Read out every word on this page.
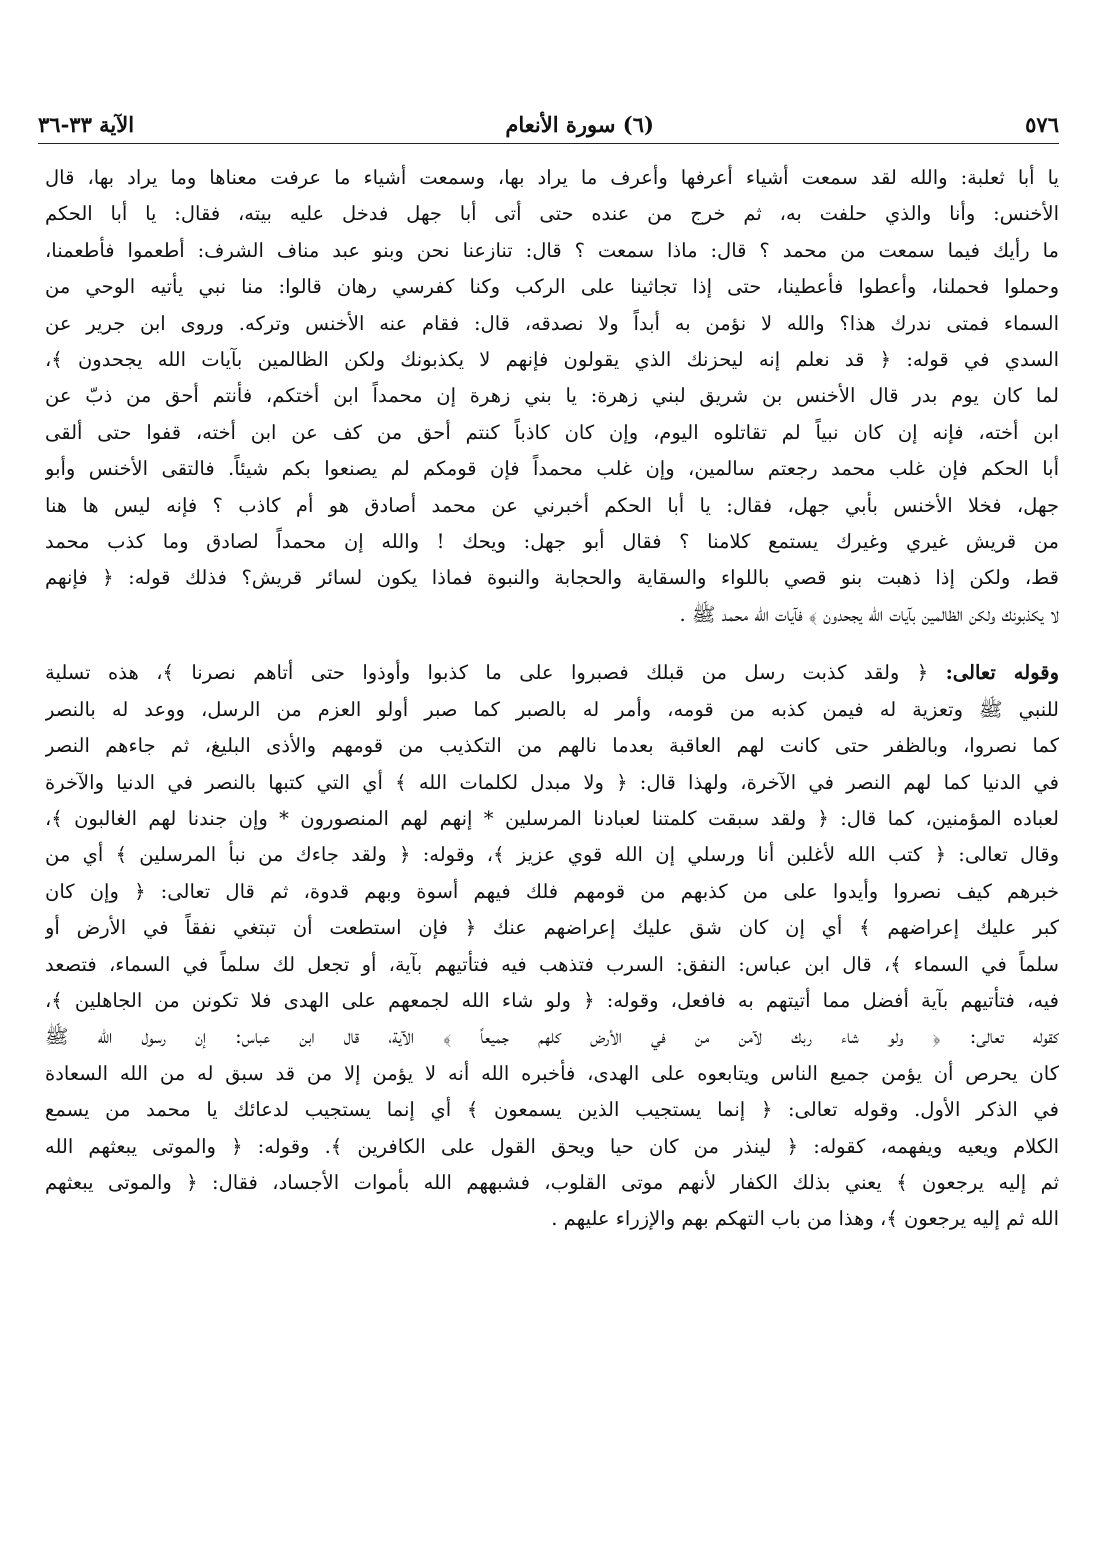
٥٧٦
(٦) سورة الأنعام
الآية ٣٣-٣٦
يا أبا ثعلبة: والله لقد سمعت أشياء أعرفها وأعرف ما يراد بها، وسمعت أشياء ما عرفت معناها وما يراد بها، قال
الأخنس: وأنا والذي حلفت به، ثم خرج من عنده حتى أتى أبا جهل فدخل عليه بيته، فقال: يا أبا الحكم
ما رأيك فيما سمعت من محمد ؟ قال: ماذا سمعت ؟ قال: تنازعنا نحن وبنو عبد مناف الشرف: أطعموا فأطعمنا،
وحملوا فحملنا، وأعطوا فأعطينا، حتى إذا تجاثينا على الركب وكنا كفرسي رهان قالوا: منا نبي يأتيه الوحي من
السماء فمتى ندرك هذا؟ والله لا نؤمن به أبداً ولا نصدقه، قال: فقام عنه الأخنس وتركه. وروى ابن جرير عن
السدي في قوله: ﴿ قد نعلم إنه ليحزنك الذي يقولون فإنهم لا يكذبونك ولكن الظالمين بآيات الله يجحدون ﴾،
لما كان يوم بدر قال الأخنس بن شريق لبني زهرة: يا بني زهرة إن محمداً ابن أختكم، فأنتم أحق من ذبّ عن
ابن أخته، فإنه إن كان نبياً لم تقاتلوه اليوم، وإن كان كاذباً كنتم أحق من كف عن ابن أخته، قفوا حتى ألقى
أبا الحكم فإن غلب محمد رجعتم سالمين، وإن غلب محمداً فإن قومكم لم يصنعوا بكم شيئاً. فالتقى الأخنس وأبو
جهل، فخلا الأخنس بأبي جهل، فقال: يا أبا الحكم أخبرني عن محمد أصادق هو أم كاذب ؟ فإنه ليس ها هنا
من قريش غيري وغيرك يستمع كلامنا ؟ فقال أبو جهل: ويحك ! والله إن محمداً لصادق وما كذب محمد
قط، ولكن إذا ذهبت بنو قصي باللواء والسقاية والحجابة والنبوة فماذا يكون لسائر قريش؟ فذلك قوله: ﴿ فإنهم
لا يكذبونك ولكن الظالمين بآيات الله يجحدون ﴾ فآيات الله محمد ﷺ .
وقوله تعالى: ﴿ ولقد كذبت رسل من قبلك فصبروا على ما كذبوا وأوذوا حتى أتاهم نصرنا ﴾، هذه تسلية
للنبي ﷺ وتعزية له فيمن كذبه من قومه، وأمر له بالصبر كما صبر أولو العزم من الرسل، ووعد له بالنصر
كما نصروا، وبالظفر حتى كانت لهم العاقبة بعدما نالهم من التكذيب من قومهم والأذى البليغ، ثم جاءهم النصر
في الدنيا كما لهم النصر في الآخرة، ولهذا قال: ﴿ ولا مبدل لكلمات الله ﴾ أي التي كتبها بالنصر في الدنيا والآخرة
لعباده المؤمنين، كما قال: ﴿ ولقد سبقت كلمتنا لعبادنا المرسلين * إنهم لهم المنصورون * وإن جندنا لهم الغالبون ﴾،
وقال تعالى: ﴿ كتب الله لأغلبن أنا ورسلي إن الله قوي عزيز ﴾، وقوله: ﴿ ولقد جاءك من نبأ المرسلين ﴾ أي من
خبرهم كيف نصروا وأيدوا على من كذبهم من قومهم فلك فيهم أسوة وبهم قدوة، ثم قال تعالى: ﴿ وإن كان
كبر عليك إعراضهم ﴾ أي إن كان شق عليك إعراضهم عنك ﴿ فإن استطعت أن تبتغي نفقاً في الأرض أو
سلماً في السماء ﴾، قال ابن عباس: النفق: السرب فتذهب فيه فتأتيهم بآية، أو تجعل لك سلماً في السماء، فتصعد
فيه، فتأتيهم بآية أفضل مما أتيتهم به فافعل، وقوله: ﴿ ولو شاء الله لجمعهم على الهدى فلا تكونن من الجاهلين ﴾،
كقوله تعالى: ﴿ ولو شاء ربك لآمن من في الأرض كلهم جميعاً ﴾ الآية، قال ابن عباس: إن رسول الله ﷺ
كان يحرص أن يؤمن جميع الناس ويتابعوه على الهدى، فأخبره الله أنه لا يؤمن إلا من قد سبق له من الله السعادة
في الذكر الأول. وقوله تعالى: ﴿ إنما يستجيب الذين يسمعون ﴾ أي إنما يستجيب لدعائك يا محمد من يسمع
الكلام ويعيه ويفهمه، كقوله: ﴿ لينذر من كان حيا ويحق القول على الكافرين ﴾. وقوله: ﴿ والموتى يبعثهم الله
ثم إليه يرجعون ﴾ يعني بذلك الكفار لأنهم موتى القلوب، فشبههم الله بأموات الأجساد، فقال: ﴿ والموتى يبعثهم
الله ثم إليه يرجعون ﴾، وهذا من باب التهكم بهم والإزراء عليهم .
